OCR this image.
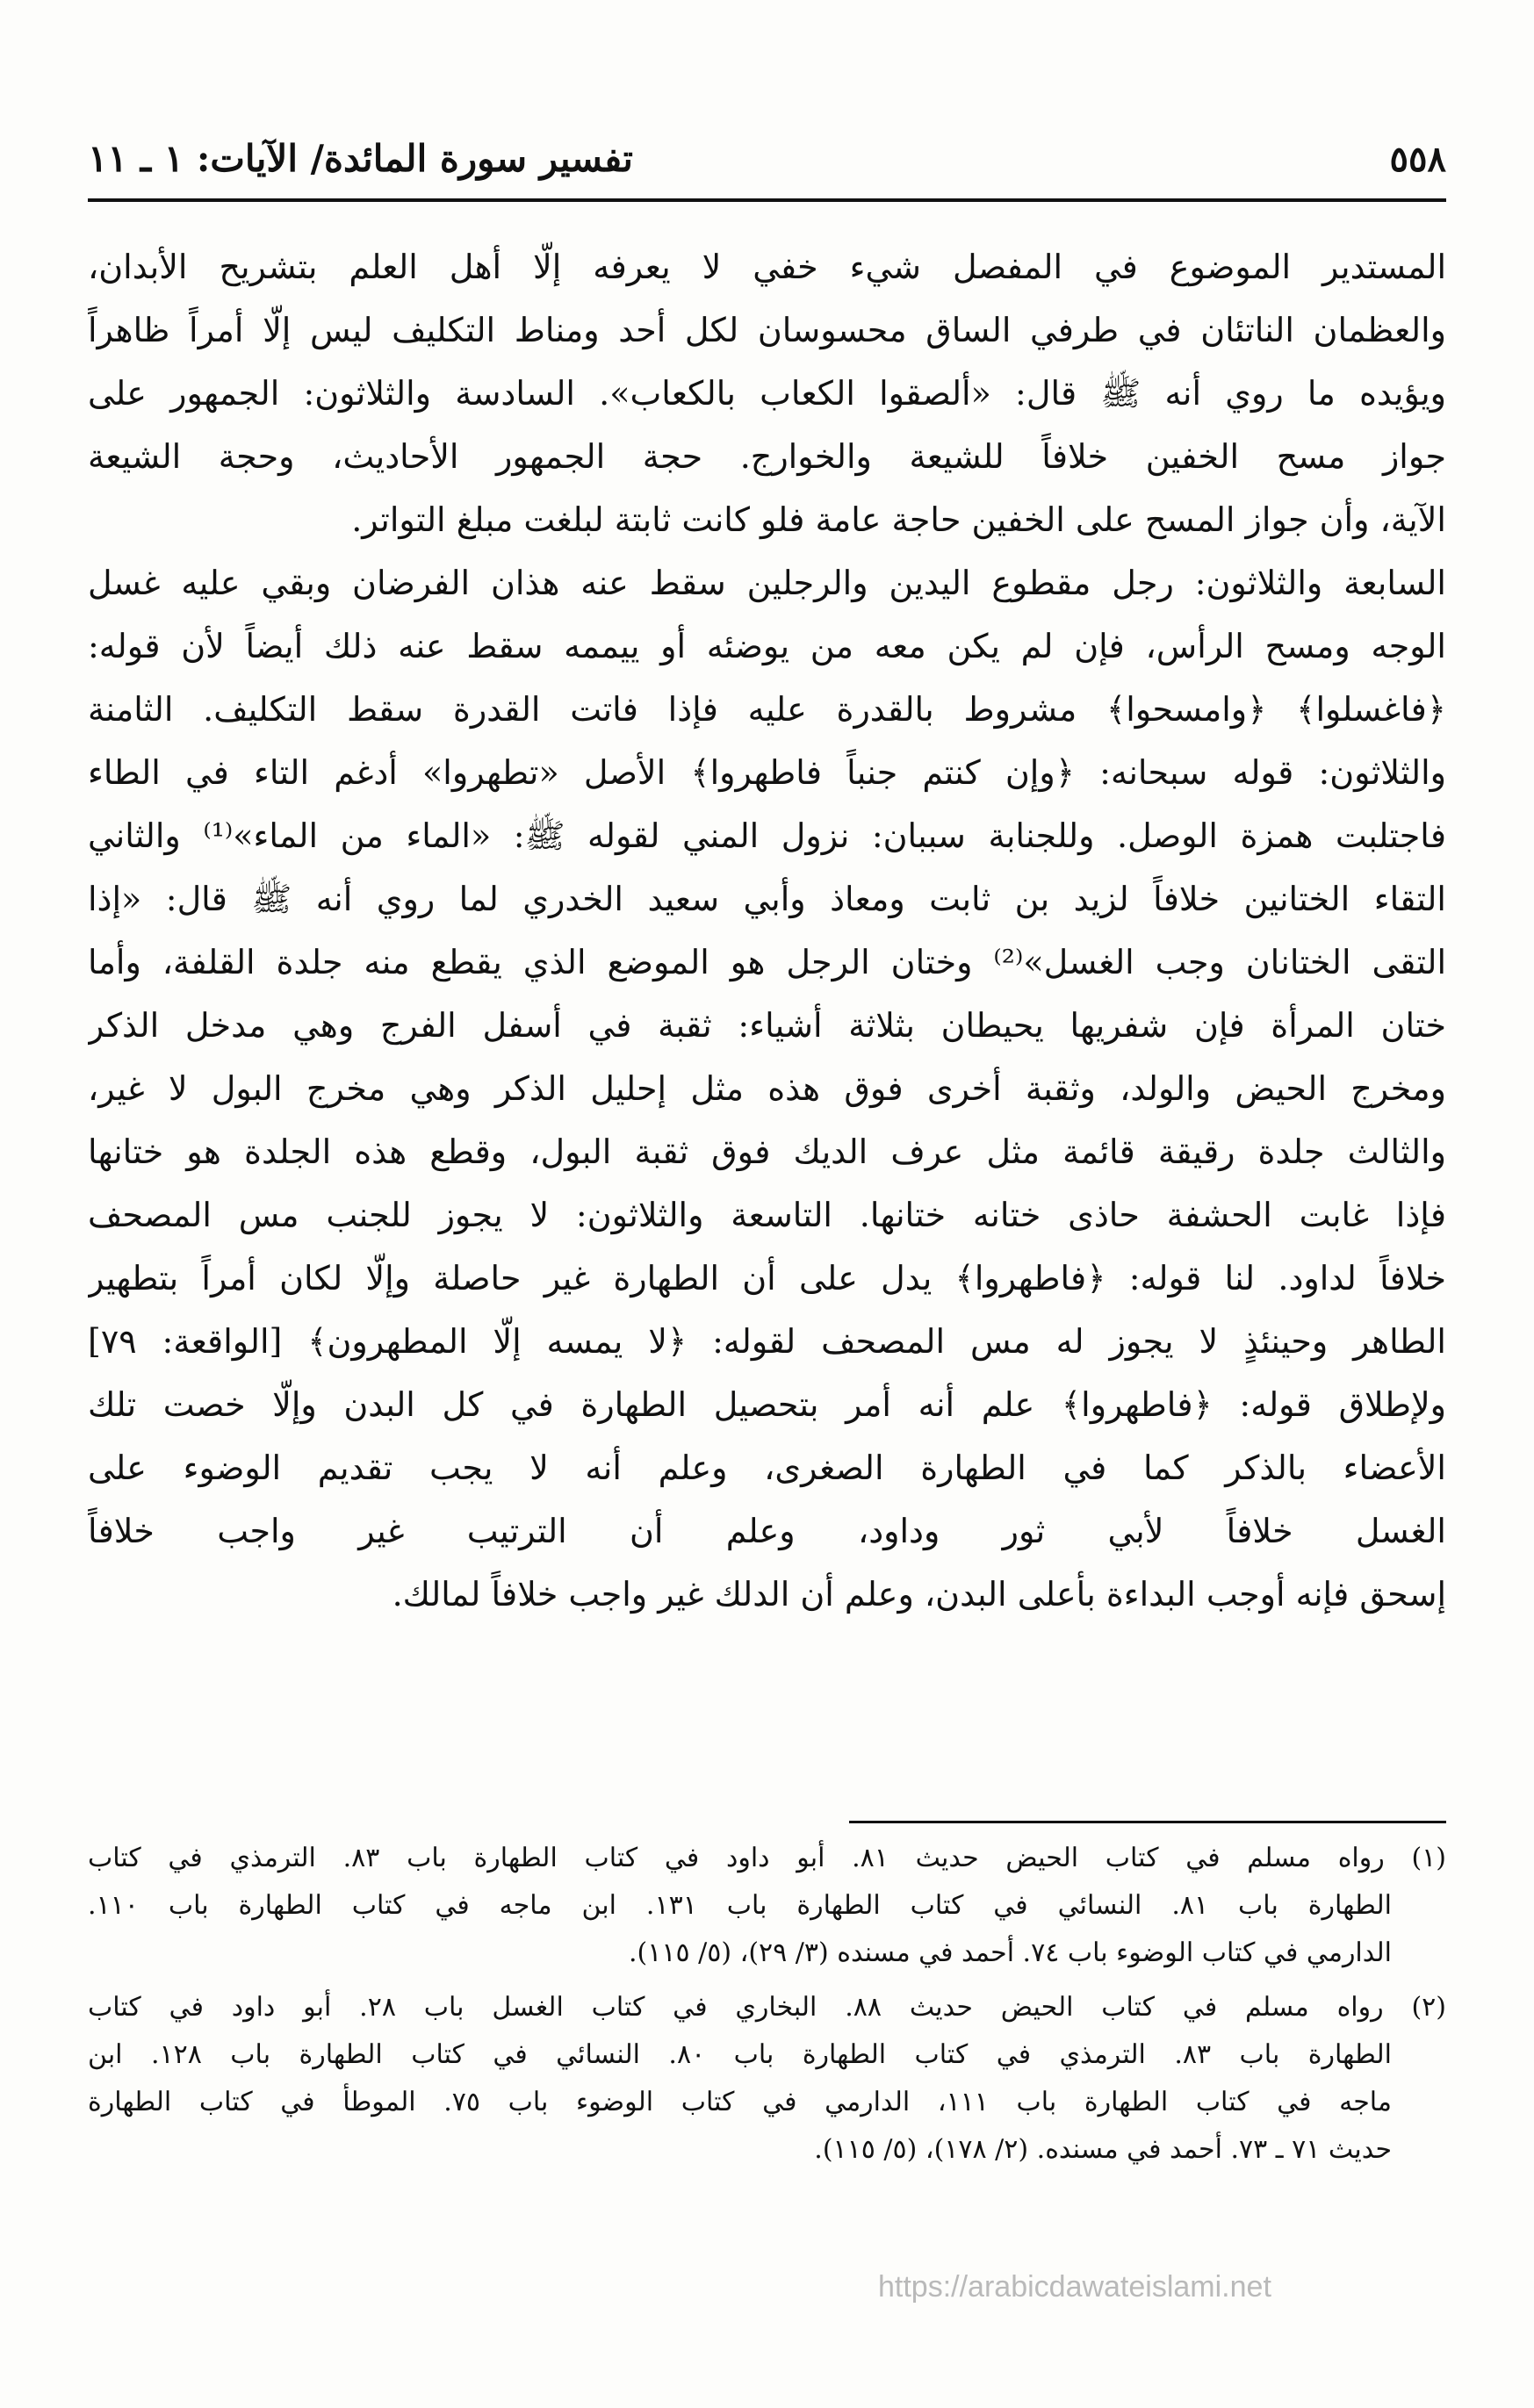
٥٥٨
تفسير سورة المائدة/ الآيات: ١ ـ ١١
المستدير الموضوع في المفصل شيء خفي لا يعرفه إلّا أهل العلم بتشريح الأبدان،
والعظمان الناتئان في طرفي الساق محسوسان لكل أحد ومناط التكليف ليس إلّا أمراً ظاهراً
ويؤيده ما روي أنه ﷺ قال: «ألصقوا الكعاب بالكعاب». السادسة والثلاثون: الجمهور على
جواز مسح الخفين خلافاً للشيعة والخوارج. حجة الجمهور الأحاديث، وحجة الشيعة
الآية، وأن جواز المسح على الخفين حاجة عامة فلو كانت ثابتة لبلغت مبلغ التواتر.
السابعة والثلاثون: رجل مقطوع اليدين والرجلين سقط عنه هذان الفرضان وبقي عليه غسل
الوجه ومسح الرأس، فإن لم يكن معه من يوضئه أو ييممه سقط عنه ذلك أيضاً لأن قوله:
﴿فاغسلوا﴾ ﴿وامسحوا﴾ مشروط بالقدرة عليه فإذا فاتت القدرة سقط التكليف. الثامنة
والثلاثون: قوله سبحانه: ﴿وإن كنتم جنباً فاطهروا﴾ الأصل «تطهروا» أدغم التاء في الطاء
فاجتلبت همزة الوصل. وللجنابة سببان: نزول المني لقوله ﷺ: «الماء من الماء»⁽¹⁾ والثاني
التقاء الختانين خلافاً لزيد بن ثابت ومعاذ وأبي سعيد الخدري لما روي أنه ﷺ قال: «إذا
التقى الختانان وجب الغسل»⁽²⁾ وختان الرجل هو الموضع الذي يقطع منه جلدة القلفة، وأما
ختان المرأة فإن شفريها يحيطان بثلاثة أشياء: ثقبة في أسفل الفرج وهي مدخل الذكر
ومخرج الحيض والولد، وثقبة أخرى فوق هذه مثل إحليل الذكر وهي مخرج البول لا غير،
والثالث جلدة رقيقة قائمة مثل عرف الديك فوق ثقبة البول، وقطع هذه الجلدة هو ختانها
فإذا غابت الحشفة حاذى ختانه ختانها. التاسعة والثلاثون: لا يجوز للجنب مس المصحف
خلافاً لداود. لنا قوله: ﴿فاطهروا﴾ يدل على أن الطهارة غير حاصلة وإلّا لكان أمراً بتطهير
الطاهر وحينئذٍ لا يجوز له مس المصحف لقوله: ﴿لا يمسه إلّا المطهرون﴾ [الواقعة: ٧٩]
ولإطلاق قوله: ﴿فاطهروا﴾ علم أنه أمر بتحصيل الطهارة في كل البدن وإلّا خصت تلك
الأعضاء بالذكر كما في الطهارة الصغرى، وعلم أنه لا يجب تقديم الوضوء على
الغسل خلافاً لأبي ثور وداود، وعلم أن الترتيب غير واجب خلافاً
إسحق فإنه أوجب البداءة بأعلى البدن، وعلم أن الدلك غير واجب خلافاً لمالك.
(١) رواه مسلم في كتاب الحيض حديث ٨١. أبو داود في كتاب الطهارة باب ٨٣. الترمذي في كتاب
الطهارة باب ٨١. النسائي في كتاب الطهارة باب ١٣١. ابن ماجه في كتاب الطهارة باب ١١٠.
الدارمي في كتاب الوضوء باب ٧٤. أحمد في مسنده (٣/ ٢٩)، (٥/ ١١٥).
(٢) رواه مسلم في كتاب الحيض حديث ٨٨. البخاري في كتاب الغسل باب ٢٨. أبو داود في كتاب
الطهارة باب ٨٣. الترمذي في كتاب الطهارة باب ٨٠. النسائي في كتاب الطهارة باب ١٢٨. ابن
ماجه في كتاب الطهارة باب ١١١، الدارمي في كتاب الوضوء باب ٧٥. الموطأ في كتاب الطهارة
حديث ٧١ ـ ٧٣. أحمد في مسنده. (٢/ ١٧٨)، (٥/ ١١٥).
https://arabicdawateislami.net
